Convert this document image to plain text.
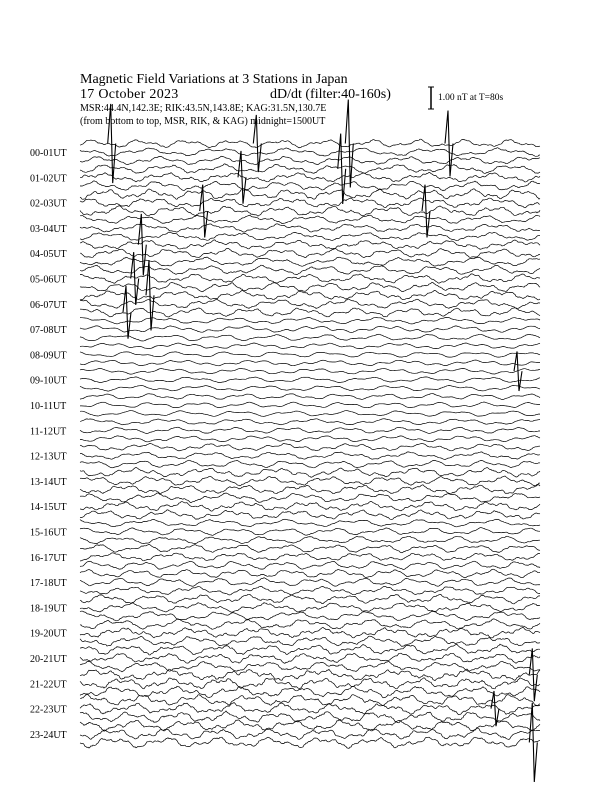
Magnetic Field Variations at 3 Stations in Japan
17 October 2023	dD/dt (filter:40-160s)
MSR:44.4N,142.3E; RIK:43.5N,143.8E; KAG:31.5N,130.7E
(from bottom to top, MSR, RIK, & KAG) midnight=1500UT
1.00 nT at T=80s
00-01UT
01-02UT
02-03UT
03-04UT
04-05UT
05-06UT
06-07UT
07-08UT
08-09UT
09-10UT
10-11UT
11-12UT
12-13UT
13-14UT
14-15UT
15-16UT
16-17UT
17-18UT
18-19UT
19-20UT
20-21UT
21-22UT
22-23UT
23-24UT
